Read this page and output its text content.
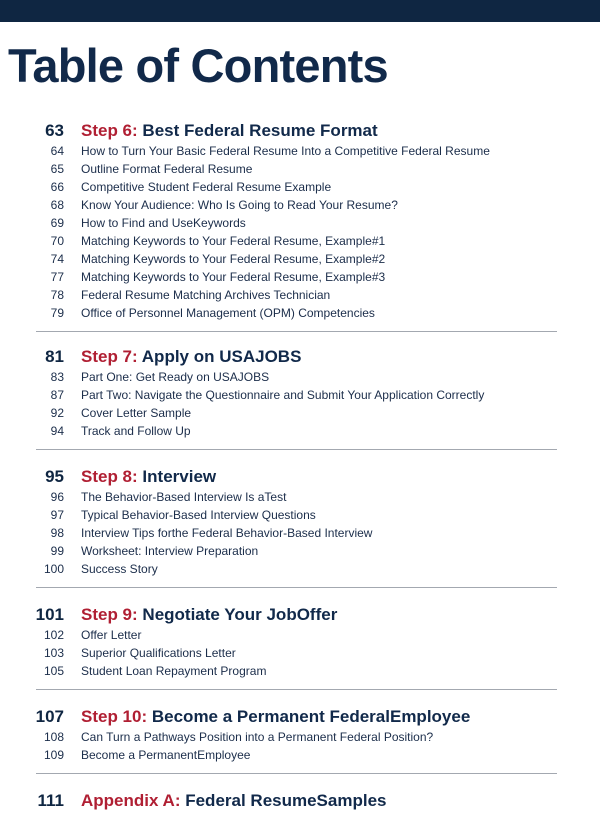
Table of Contents
63 Step 6: Best Federal Resume Format
64 How to Turn Your Basic Federal Resume Into a Competitive Federal Resume
65 Outline Format Federal Resume
66 Competitive Student Federal Resume Example
68 Know Your Audience: Who Is Going to Read Your Resume?
69 How to Find and UseKeywords
70 Matching Keywords to Your Federal Resume, Example#1
74 Matching Keywords to Your Federal Resume, Example#2
77 Matching Keywords to Your Federal Resume, Example#3
78 Federal Resume Matching Archives Technician
79 Office of Personnel Management (OPM) Competencies
81 Step 7: Apply on USAJOBS
83 Part One: Get Ready on USAJOBS
87 Part Two: Navigate the Questionnaire and Submit Your Application Correctly
92 Cover Letter Sample
94 Track and Follow Up
95 Step 8: Interview
96 The Behavior-Based Interview Is aTest
97 Typical Behavior-Based Interview Questions
98 Interview Tips forthe Federal Behavior-Based Interview
99 Worksheet: Interview Preparation
100 Success Story
101 Step 9: Negotiate Your JobOffer
102 Offer Letter
103 Superior Qualifications Letter
105 Student Loan Repayment Program
107 Step 10: Become a Permanent FederalEmployee
108 Can Turn a Pathways Position into a Permanent Federal Position?
109 Become a PermanentEmployee
111 Appendix A: Federal ResumeSamples
